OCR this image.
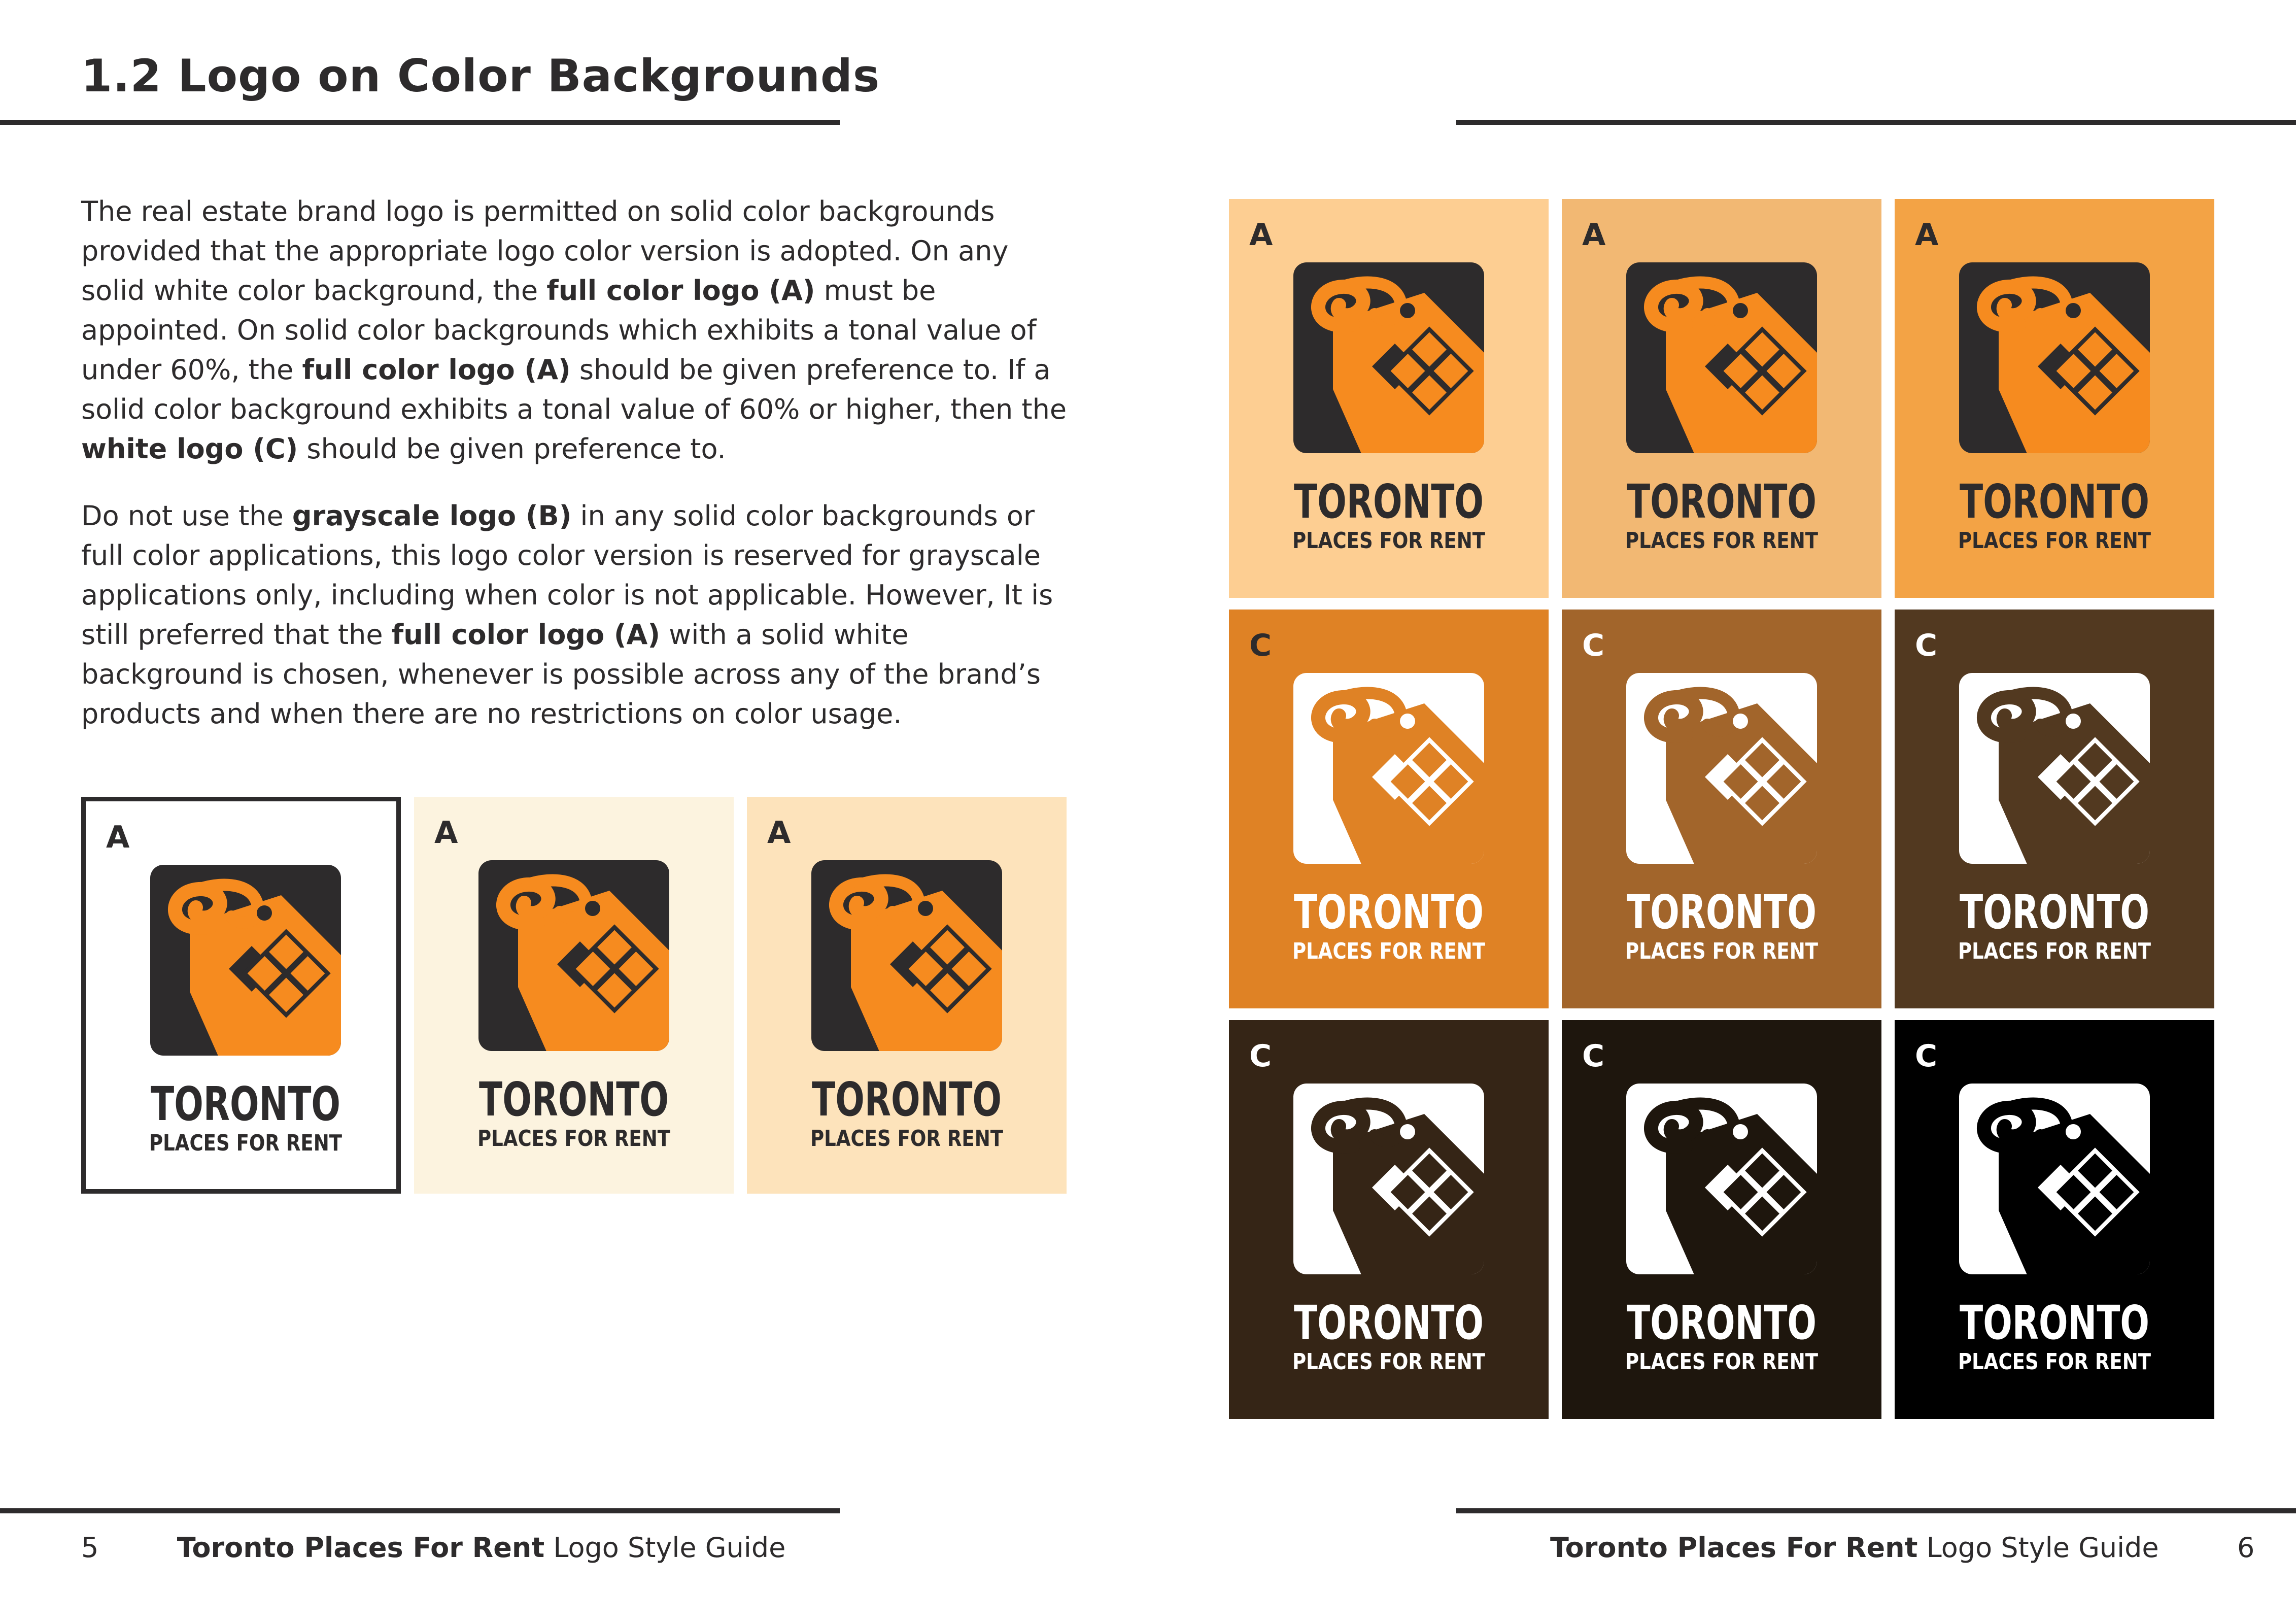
1.2 Logo on Color Backgrounds

The real estate brand logo is permitted on solid color backgrounds provided that the appropriate logo color version is adopted. On any solid white color background, the full color logo (A) must be appointed. On solid color backgrounds which exhibits a tonal value of under 60%, the full color logo (A) should be given preference to. If a solid color background exhibits a tonal value of 60% or higher, then the white logo (C) should be given preference to.

Do not use the grayscale logo (B) in any solid color backgrounds or full color applications, this logo color version is reserved for grayscale applications only, including when color is not applicable. However, It is still preferred that the full color logo (A) with a solid white background is chosen, whenever is possible across any of the brand’s products and when there are no restrictions on color usage.

A
TORONTO
PLACES FOR RENT
A
TORONTO
PLACES FOR RENT
A
TORONTO
PLACES FOR RENT
A
TORONTO
PLACES FOR RENT
A
TORONTO
PLACES FOR RENT
A
TORONTO
PLACES FOR RENT
C
TORONTO
PLACES FOR RENT
C
TORONTO
PLACES FOR RENT
C
TORONTO
PLACES FOR RENT
C
TORONTO
PLACES FOR RENT
C
TORONTO
PLACES FOR RENT
C
TORONTO
PLACES FOR RENT
5	Toronto Places For Rent Logo Style Guide	Toronto Places For Rent Logo Style Guide	6
